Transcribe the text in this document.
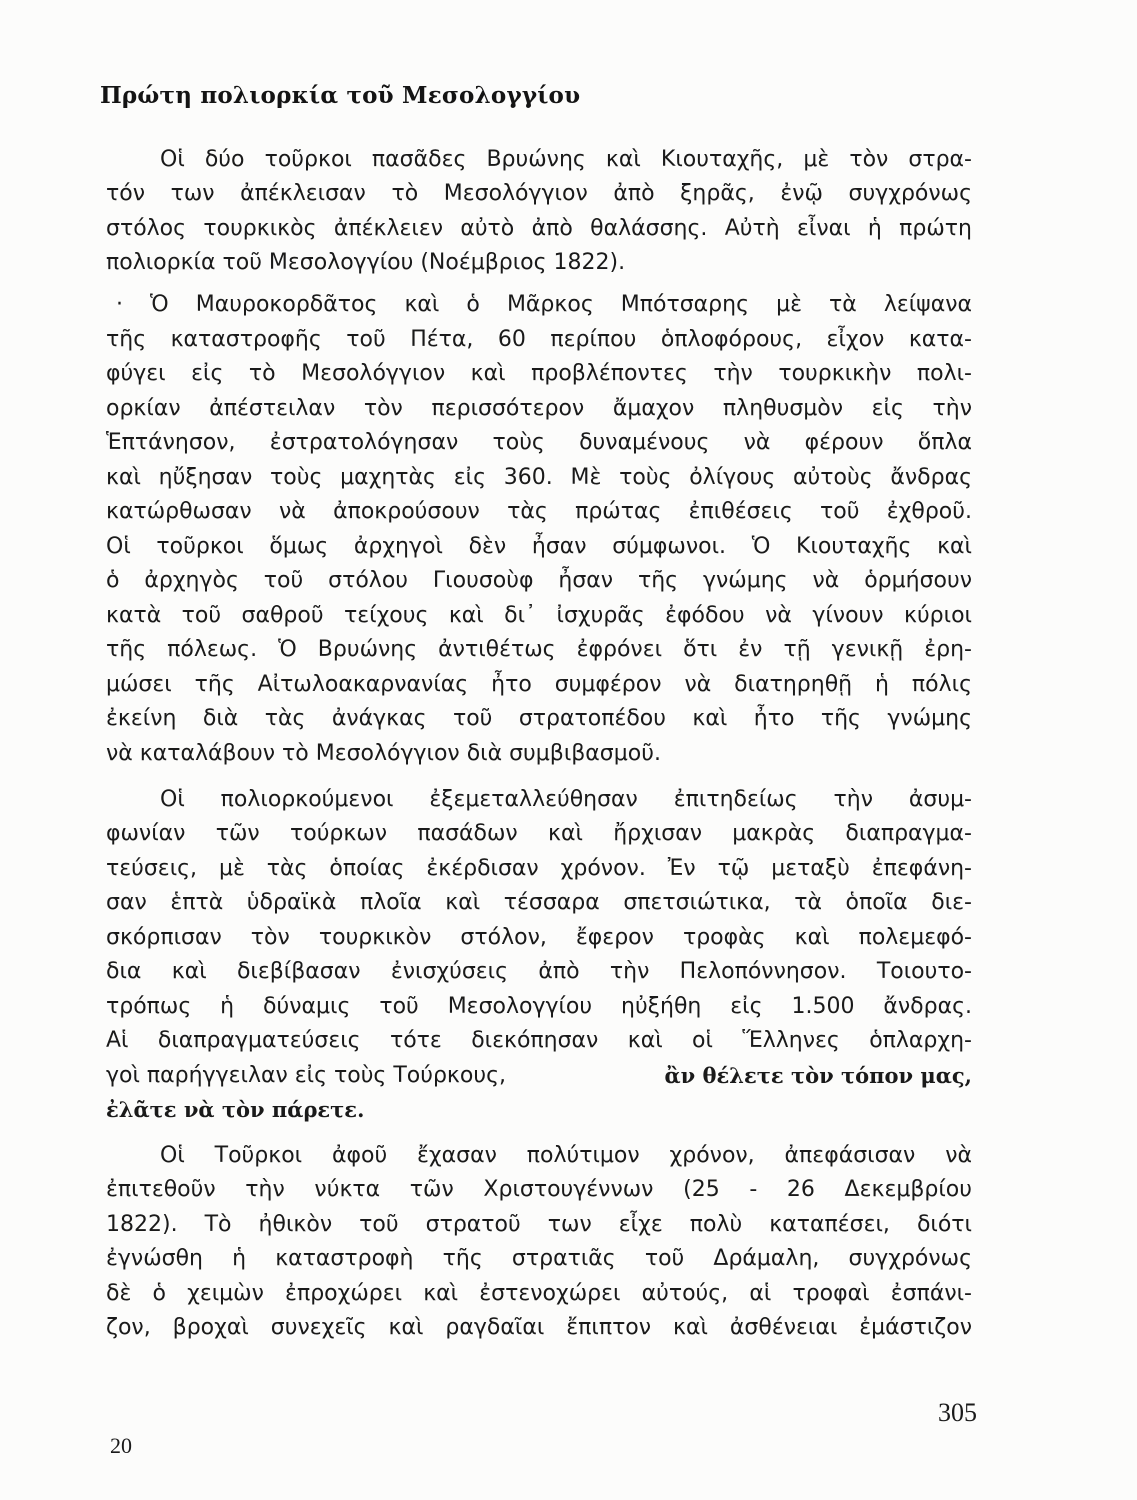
Πρώτη πολιορκία τοῦ Μεσολογγίου
Οἱ δύο τοῦρκοι πασᾶδες Βρυώνης καὶ Κιουταχῆς, μὲ τὸν στρα-
τόν των ἀπέκλεισαν τὸ Μεσολόγγιον ἀπὸ ξηρᾶς, ἐνῷ συγχρόνως
στόλος τουρκικὸς ἀπέκλειεν αὐτὸ ἀπὸ θαλάσσης. Αὐτὴ εἶναι ἡ πρώτη
πολιορκία τοῦ Μεσολογγίου (Νοέμβριος 1822).
· Ὁ Μαυροκορδᾶτος καὶ ὁ Μᾶρκος Μπότσαρης μὲ τὰ λείψανα
τῆς καταστροφῆς τοῦ Πέτα, 60 περίπου ὁπλοφόρους, εἶχον κατα-
φύγει εἰς τὸ Μεσολόγγιον καὶ προβλέποντες τὴν τουρκικὴν πολι-
ορκίαν ἀπέστειλαν τὸν περισσότερον ἄμαχον πληθυσμὸν εἰς τὴν
Ἑπτάνησον, ἐστρατολόγησαν τοὺς δυναμένους νὰ φέρουν ὅπλα
καὶ ηὔξησαν τοὺς μαχητὰς εἰς 360. Μὲ τοὺς ὀλίγους αὐτοὺς ἄνδρας
κατώρθωσαν νὰ ἀποκρούσουν τὰς πρώτας ἐπιθέσεις τοῦ ἐχθροῦ.
Οἱ τοῦρκοι ὅμως ἀρχηγοὶ δὲν ἦσαν σύμφωνοι. Ὁ Κιουταχῆς καὶ
ὁ ἀρχηγὸς τοῦ στόλου Γιουσοὺφ ἦσαν τῆς γνώμης νὰ ὁρμήσουν
κατὰ τοῦ σαθροῦ τείχους καὶ δι᾿ ἰσχυρᾶς ἐφόδου νὰ γίνουν κύριοι
τῆς πόλεως. Ὁ Βρυώνης ἀντιθέτως ἐφρόνει ὅτι ἐν τῇ γενικῇ ἐρη-
μώσει τῆς Αἰτωλοακαρνανίας ἦτο συμφέρον νὰ διατηρηθῇ ἡ πόλις
ἐκείνη διὰ τὰς ἀνάγκας τοῦ στρατοπέδου καὶ ἦτο τῆς γνώμης
νὰ καταλάβουν τὸ Μεσολόγγιον διὰ συμβιβασμοῦ.
Οἱ πολιορκούμενοι ἐξεμεταλλεύθησαν ἐπιτηδείως τὴν ἀσυμ-
φωνίαν τῶν τούρκων πασάδων καὶ ἤρχισαν μακρὰς διαπραγμα-
τεύσεις, μὲ τὰς ὁποίας ἐκέρδισαν χρόνον. Ἐν τῷ μεταξὺ ἐπεφάνη-
σαν ἑπτὰ ὑδραϊκὰ πλοῖα καὶ τέσσαρα σπετσιώτικα, τὰ ὁποῖα διε-
σκόρπισαν τὸν τουρκικὸν στόλον, ἔφερον τροφὰς καὶ πολεμεφό-
δια καὶ διεβίβασαν ἐνισχύσεις ἀπὸ τὴν Πελοπόννησον. Τοιουτο-
τρόπως ἡ δύναμις τοῦ Μεσολογγίου ηὐξήθη εἰς 1.500 ἄνδρας.
Αἱ διαπραγματεύσεις τότε διεκόπησαν καὶ οἱ Ἕλληνες ὁπλαρχη-
γοὶ παρήγγειλαν εἰς τοὺς Τούρκους,	ἂν θέλετε τὸν τόπον μας,
ἐλᾶτε νὰ τὸν πάρετε.
Οἱ Τοῦρκοι ἀφοῦ ἔχασαν πολύτιμον χρόνον, ἀπεφάσισαν νὰ
ἐπιτεθοῦν τὴν νύκτα τῶν Χριστουγέννων (25 - 26 Δεκεμβρίου
1822). Τὸ ἠθικὸν τοῦ στρατοῦ των εἶχε πολὺ καταπέσει, διότι
ἐγνώσθη ἡ καταστροφὴ τῆς στρατιᾶς τοῦ Δράμαλη, συγχρόνως
δὲ ὁ χειμὼν ἐπροχώρει καὶ ἐστενοχώρει αὐτούς, αἱ τροφαὶ ἐσπάνι-
ζον, βροχαὶ συνεχεῖς καὶ ραγδαῖαι ἔπιπτον καὶ ἀσθένειαι ἐμάστιζον
305
20
